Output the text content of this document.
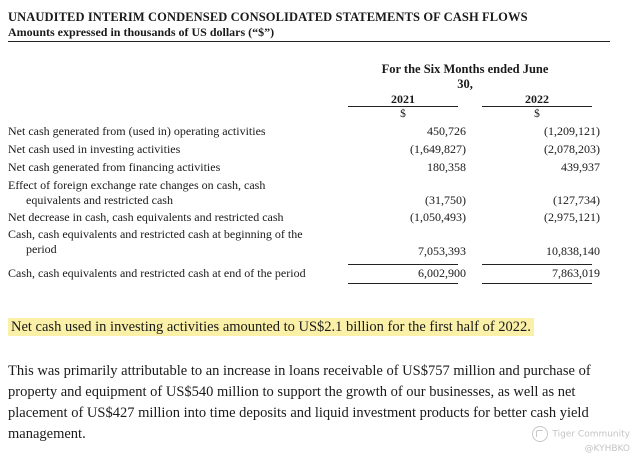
UNAUDITED INTERIM CONDENSED CONSOLIDATED STATEMENTS OF CASH FLOWS
Amounts expressed in thousands of US dollars (“$”)
For the Six Months ended June 30,
2021	2022
$	$
Net cash generated from (used in) operating activities	450,726	(1,209,121)
Net cash used in investing activities	(1,649,827)	(2,078,203)
Net cash generated from financing activities	180,358	439,937
Effect of foreign exchange rate changes on cash, cash
equivalents and restricted cash	(31,750)	(127,734)
Net decrease in cash, cash equivalents and restricted cash	(1,050,493)	(2,975,121)
Cash, cash equivalents and restricted cash at beginning of the
period	7,053,393	10,838,140
Cash, cash equivalents and restricted cash at end of the period	6,002,900	7,863,019
Net cash used in investing activities amounted to US$2.1 billion for the first half of 2022.
This was primarily attributable to an increase in loans receivable of US$757 million and purchase of property and equipment of US$540 million to support the growth of our businesses, as well as net placement of US$427 million into time deposits and liquid investment products for better cash yield management.	Tiger Community
@KYHBKO
